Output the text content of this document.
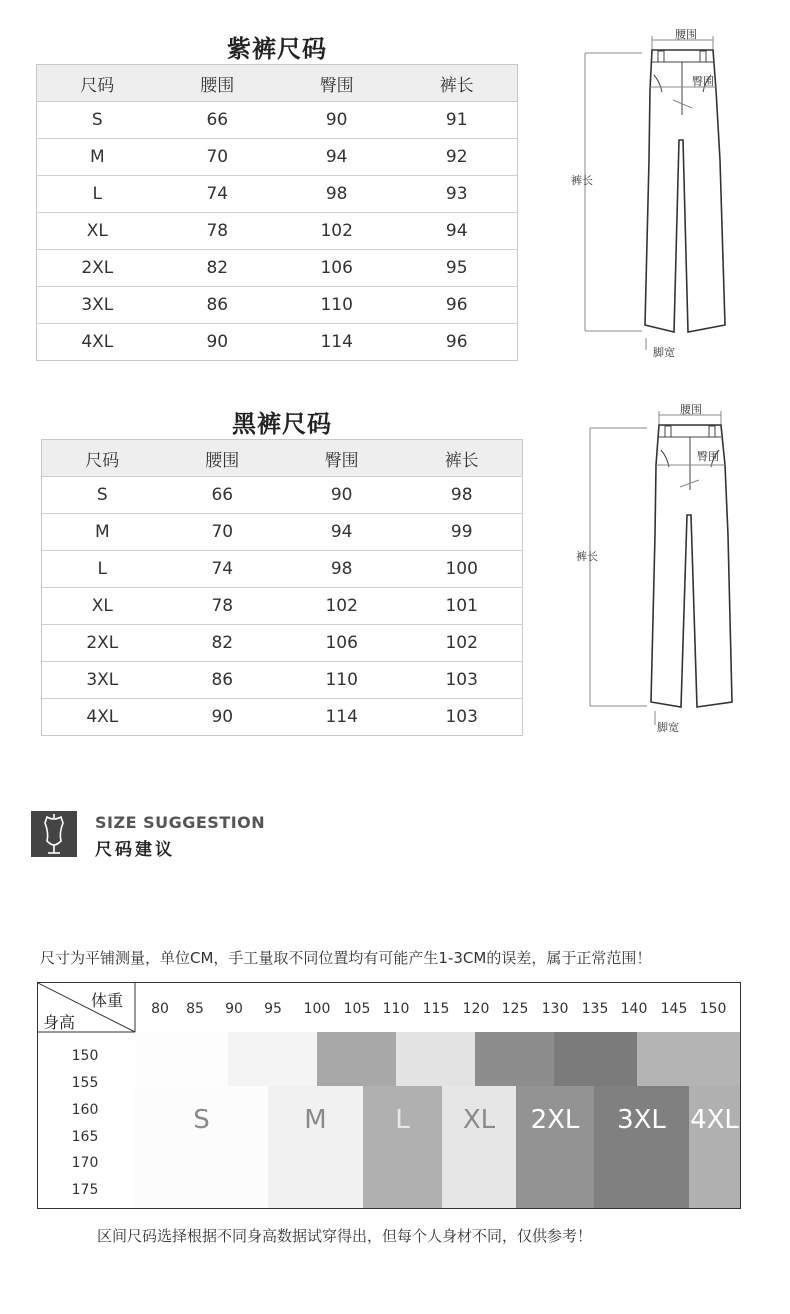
紫裤尺码
尺码	腰围	臀围	裤长
S	66	90	91
M	70	94	92
L	74	98	93
XL	78	102	94
2XL	82	106	95
3XL	86	110	96
4XL	90	114	96
腰围
臀围
裤长
脚宽
黑裤尺码
尺码	腰围	臀围	裤长
S	66	90	98
M	70	94	99
L	74	98	100
XL	78	102	101
2XL	82	106	102
3XL	86	110	103
4XL	90	114	103
腰围
臀围
裤长
脚宽
SIZE SUGGESTION
尺码建议
尺寸为平铺测量，单位CM，手工量取不同位置均有可能产生1-3CM的误差，属于正常范围！
体重
身高
区间尺码选择根据不同身高数据试穿得出，但每个人身材不同，仅供参考！
80	85	90	95	100 105 110 115 120 125 130 135 140 145 150
150
155
160
165
170
175
S	M	L	XL	2XL	3XL 4XL
